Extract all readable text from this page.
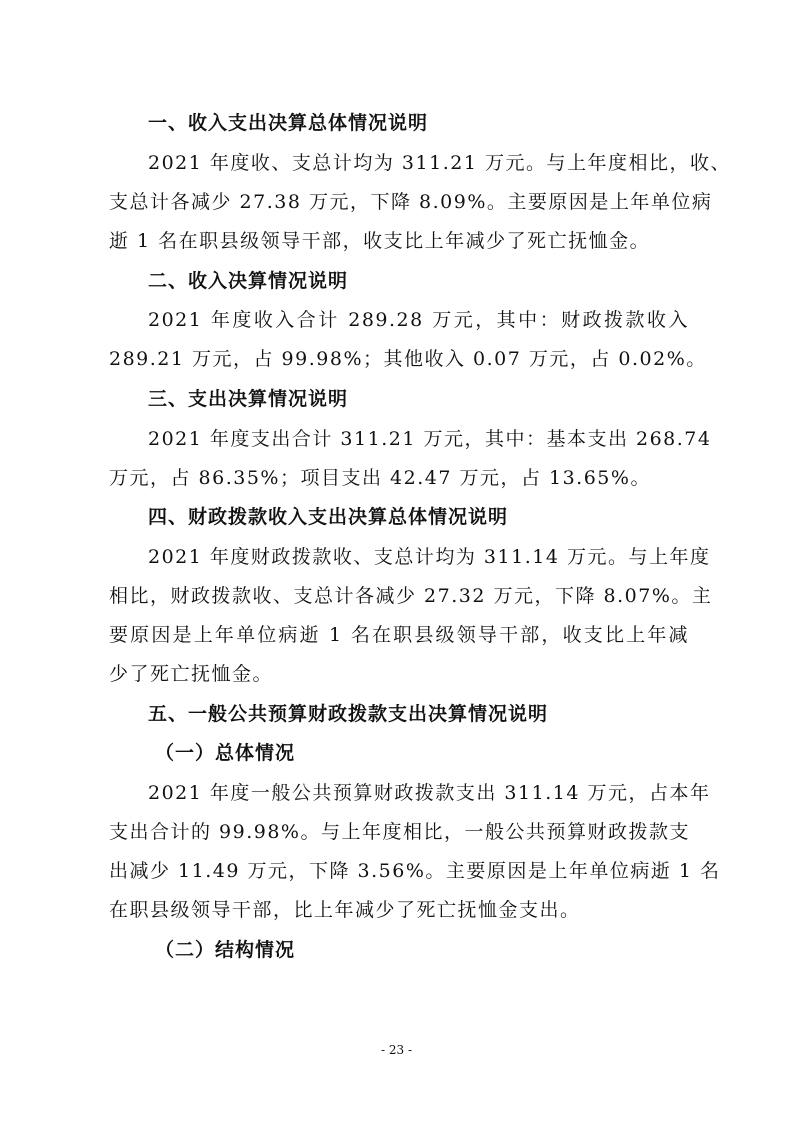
一、收入支出决算总体情况说明

2021 年度收、支总计均为 311.21 万元。与上年度相比，收、

支总计各减少 27.38 万元，下降 8.09%。主要原因是上年单位病

逝 1 名在职县级领导干部，收支比上年减少了死亡抚恤金。

二、收入决算情况说明

2021 年度收入合计 289.28 万元，其中：财政拨款收入

289.21 万元，占 99.98%；其他收入 0.07 万元，占 0.02%。

三、支出决算情况说明

2021 年度支出合计 311.21 万元，其中：基本支出 268.74

万元，占 86.35%；项目支出 42.47 万元，占 13.65%。

四、财政拨款收入支出决算总体情况说明

2021 年度财政拨款收、支总计均为 311.14 万元。与上年度

相比，财政拨款收、支总计各减少 27.32 万元，下降 8.07%。主

要原因是上年单位病逝 1 名在职县级领导干部，收支比上年减

少了死亡抚恤金。

五、一般公共预算财政拨款支出决算情况说明
（一）总体情况

2021 年度一般公共预算财政拨款支出 311.14 万元，占本年

支出合计的 99.98%。与上年度相比，一般公共预算财政拨款支

出减少 11.49 万元，下降 3.56%。主要原因是上年单位病逝 1 名

在职县级领导干部，比上年减少了死亡抚恤金支出。

（二）结构情况

- 23 -
